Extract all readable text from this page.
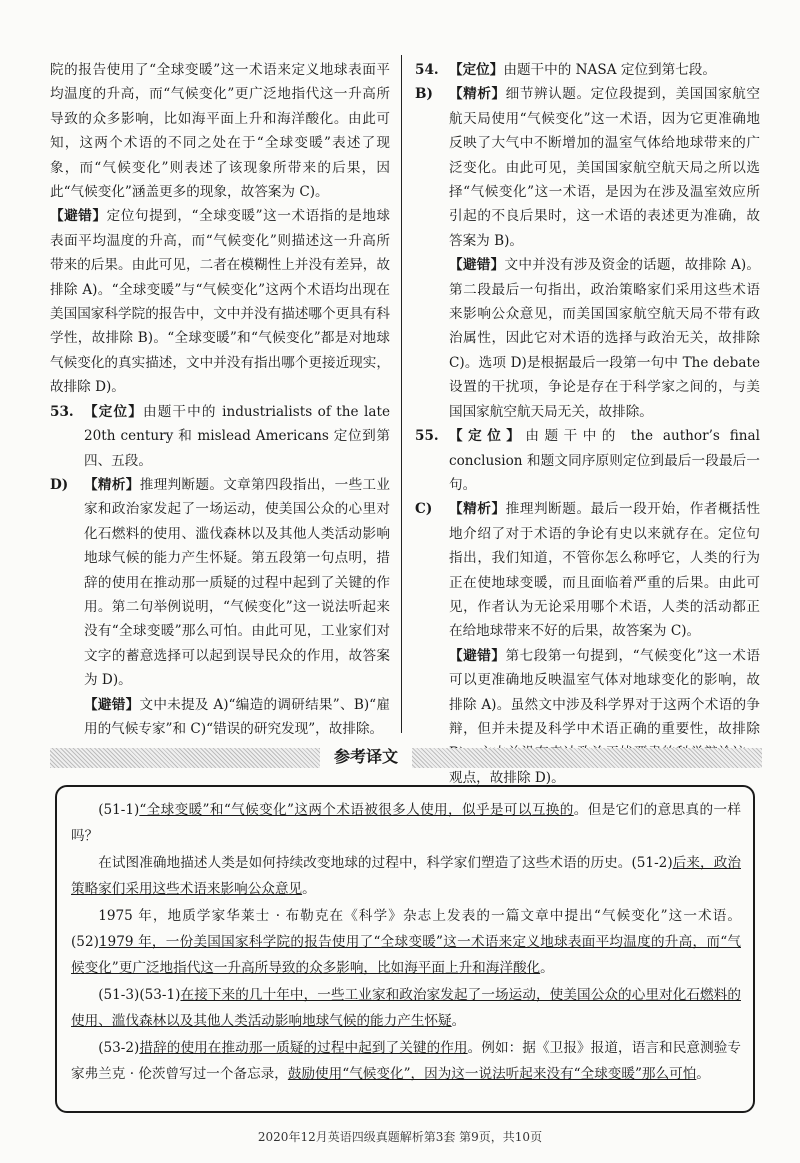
院的报告使用了“全球变暖”这一术语来定义地球表面平均温度的升高，而“气候变化”更广泛地指代这一升高所导致的众多影响，比如海平面上升和海洋酸化。由此可知，这两个术语的不同之处在于“全球变暖”表述了现象，而“气候变化”则表述了该现象所带来的后果，因此“气候变化”涵盖更多的现象，故答案为 C)。

【避错】定位句提到，“全球变暖”这一术语指的是地球表面平均温度的升高，而“气候变化”则描述这一升高所带来的后果。由此可见，二者在模糊性上并没有差异，故排除 A)。“全球变暖”与“气候变化”这两个术语均出现在美国国家科学院的报告中，文中并没有描述哪个更具有科学性，故排除 B)。“全球变暖”和“气候变化”都是对地球气候变化的真实描述，文中并没有指出哪个更接近现实，故排除 D)。

53. 【定位】由题干中的 industrialists of the late 20th century 和 mislead Americans 定位到第四、五段。

D) 【精析】推理判断题。文章第四段指出，一些工业家和政治家发起了一场运动，使美国公众的心里对化石燃料的使用、滥伐森林以及其他人类活动影响地球气候的能力产生怀疑。第五段第一句点明，措辞的使用在推动那一质疑的过程中起到了关键的作用。第二句举例说明，“气候变化”这一说法听起来没有“全球变暖”那么可怕。由此可见，工业家们对文字的蓄意选择可以起到误导民众的作用，故答案为 D)。

【避错】文中未提及 A)“编造的调研结果”、B)“雇用的气候专家”和 C)“错误的研究发现”，故排除。

54. 【定位】由题干中的 NASA 定位到第七段。

B) 【精析】细节辨认题。定位段提到，美国国家航空航天局使用“气候变化”这一术语，因为它更准确地反映了大气中不断增加的温室气体给地球带来的广泛变化。由此可见，美国国家航空航天局之所以选择“气候变化”这一术语，是因为在涉及温室效应所引起的不良后果时，这一术语的表述更为准确，故答案为 B)。

【避错】文中并没有涉及资金的话题，故排除 A)。第二段最后一句指出，政治策略家们采用这些术语来影响公众意见，而美国国家航空航天局不带有政治属性，因此它对术语的选择与政治无关，故排除 C)。选项 D)是根据最后一段第一句中 The debate 设置的干扰项，争论是存在于科学家之间的，与美国国家航空航天局无关，故排除。

55. 【定位】由题干中的 the author’s final conclusion 和题文同序原则定位到最后一段最后一句。

C) 【精析】推理判断题。最后一段开始，作者概括性地介绍了对于术语的争论有史以来就存在。定位句指出，我们知道，不管你怎么称呼它，人类的行为正在使地球变暖，而且面临着严重的后果。由此可见，作者认为无论采用哪个术语，人类的活动都正在给地球带来不好的后果，故答案为 C)。

【避错】第七段第一句提到，“气候变化”这一术语可以更准确地反映温室气体对地球变化的影响，故排除 A)。虽然文中涉及科学界对于这两个术语的争辩，但并未提及科学中术语正确的重要性，故排除 观点，故排除 D)。

参考译文

(51-1)“全球变暖”和“气候变化”这两个术语被很多人使用，似乎是可以互换的。但是它们的意思真的一样吗？

在试图准确地描述人类是如何持续改变地球的过程中，科学家们塑造了这些术语的历史。(51-2)后来，政治策略家们采用这些术语来影响公众意见。

1975 年，地质学家华莱士 · 布勒克在《科学》杂志上发表的一篇文章中提出“气候变化”这一术语。(52)1979 年，一份美国国家科学院的报告使用了“全球变暖”这一术语来定义地球表面平均温度的升高，而“气候变化”更广泛地指代这一升高所导致的众多影响，比如海平面上升和海洋酸化。

(51-3)(53-1)在接下来的几十年中，一些工业家和政治家发起了一场运动，使美国公众的心里对化石燃料的使用、滥伐森林以及其他人类活动影响地球气候的能力产生怀疑。

(53-2)措辞的使用在推动那一质疑的过程中起到了关键的作用。例如：据《卫报》报道，语言和民意测验专家弗兰克 · 伦茨曾写过一个备忘录，鼓励使用“气候变化”，因为这一说法听起来没有“全球变暖”那么可怕。

2020年12月英语四级真题解析第3套 第9页，共10页
